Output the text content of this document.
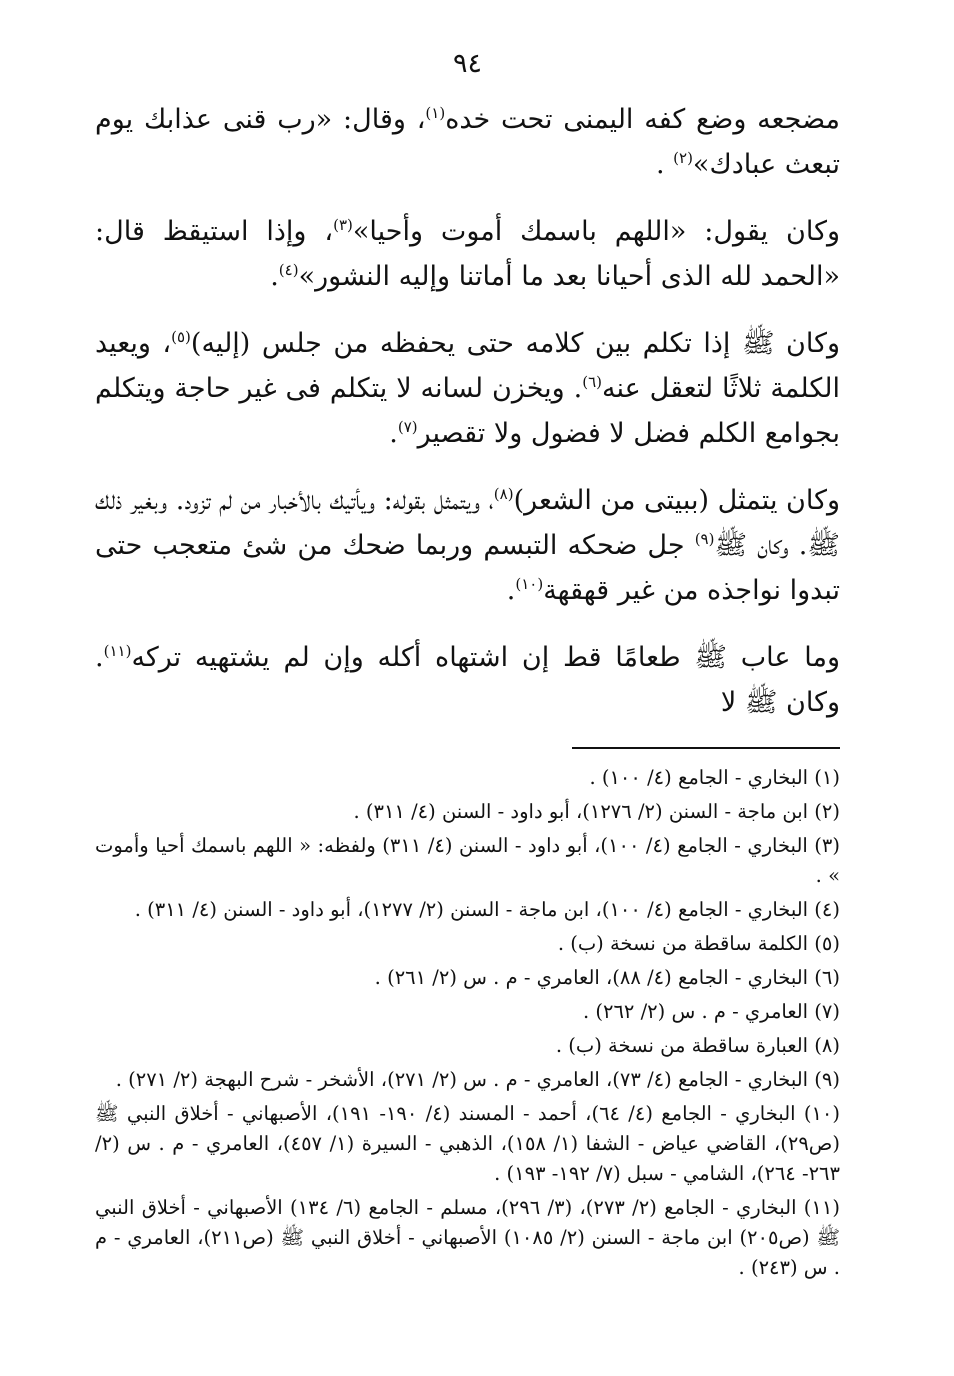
٩٤

مضجعه وضع كفه اليمنى تحت خده$^{(١)}$، وقال: «رب قنى عذابك يوم تبعث عبادك»$^{(٢)}$ .

وكان يقول: «اللهم باسمك أموت وأحيا»$^{(٣)}$، وإذا استيقظ قال: «الحمد لله الذى أحيانا بعد ما أماتنا وإليه النشور»$^{(٤)}$.

وكان ﷺ إذا تكلم بين كلامه حتى يحفظه من جلس (إليه)$^{(٥)}$، ويعيد الكلمة ثلاثًا لتعقل عنه$^{(٦)}$. ويخزن لسانه لا يتكلم فى غير حاجة ويتكلم بجوامع الكلم فضل لا فضول ولا تقصير$^{(٧)}$.

وكان يتمثل (ببيتى من الشعر)$^{(٨)}$، ويتمثل بقوله: ويأتيك بالأخبار من لم تزود. وبغير ذلك ﷺ. وكان ﷺ$^{(٩)}$ جل ضحكه التبسم وربما ضحك من شئ متعجب حتى تبدوا نواجذه من غير قهقهة$^{(١٠)}$.

وما عاب ﷺ طعامًا قط إن اشتهاه أكله وإن لم يشتهيه تركه$^{(١١)}$. وكان ﷺ لا

(١) البخاري - الجامع (٤/ ١٠٠) .

(٢) ابن ماجة - السنن (٢/ ١٢٧٦)، أبو داود - السنن (٤/ ٣١١) .

(٣) البخاري - الجامع (٤/ ١٠٠)، أبو داود - السنن (٤/ ٣١١) ولفظه: « اللهم باسمك أحيا وأموت » .

(٤) البخاري - الجامع (٤/ ١٠٠)، ابن ماجة - السنن (٢/ ١٢٧٧)، أبو داود - السنن (٤/ ٣١١) .

(٥) الكلمة ساقطة من نسخة (ب) .

(٦) البخاري - الجامع (٤/ ٨٨)، العامري - م . س (٢/ ٢٦١) .

(٧) العامري - م . س (٢/ ٢٦٢) .

(٨) العبارة ساقطة من نسخة (ب) .

(٩) البخاري - الجامع (٤/ ٧٣)، العامري - م . س (٢/ ٢٧١)، الأشخر - شرح البهجة (٢/ ٢٧١) .

(١٠) البخاري - الجامع (٤/ ٦٤)، أحمد - المسند (٤/ ١٩٠- ١٩١)، الأصبهاني - أخلاق النبي ﷺ (ص٢٩)، القاضي عياض - الشفا (١/ ١٥٨)، الذهبي - السيرة (١/ ٤٥٧)، العامري - م . س (٢/ ٢٦٣- ٢٦٤)، الشامي - سبل (٧/ ١٩٢- ١٩٣) .

(١١) البخاري - الجامع (٢/ ٢٧٣)، (٣/ ٢٩٦)، مسلم - الجامع (٦/ ١٣٤) الأصبهاني - أخلاق النبي ﷺ (ص٢٠٥) ابن ماجة - السنن (٢/ ١٠٨٥) الأصبهاني - أخلاق النبي ﷺ (ص٢١١)، العامري - م . س (٢٤٣) .
